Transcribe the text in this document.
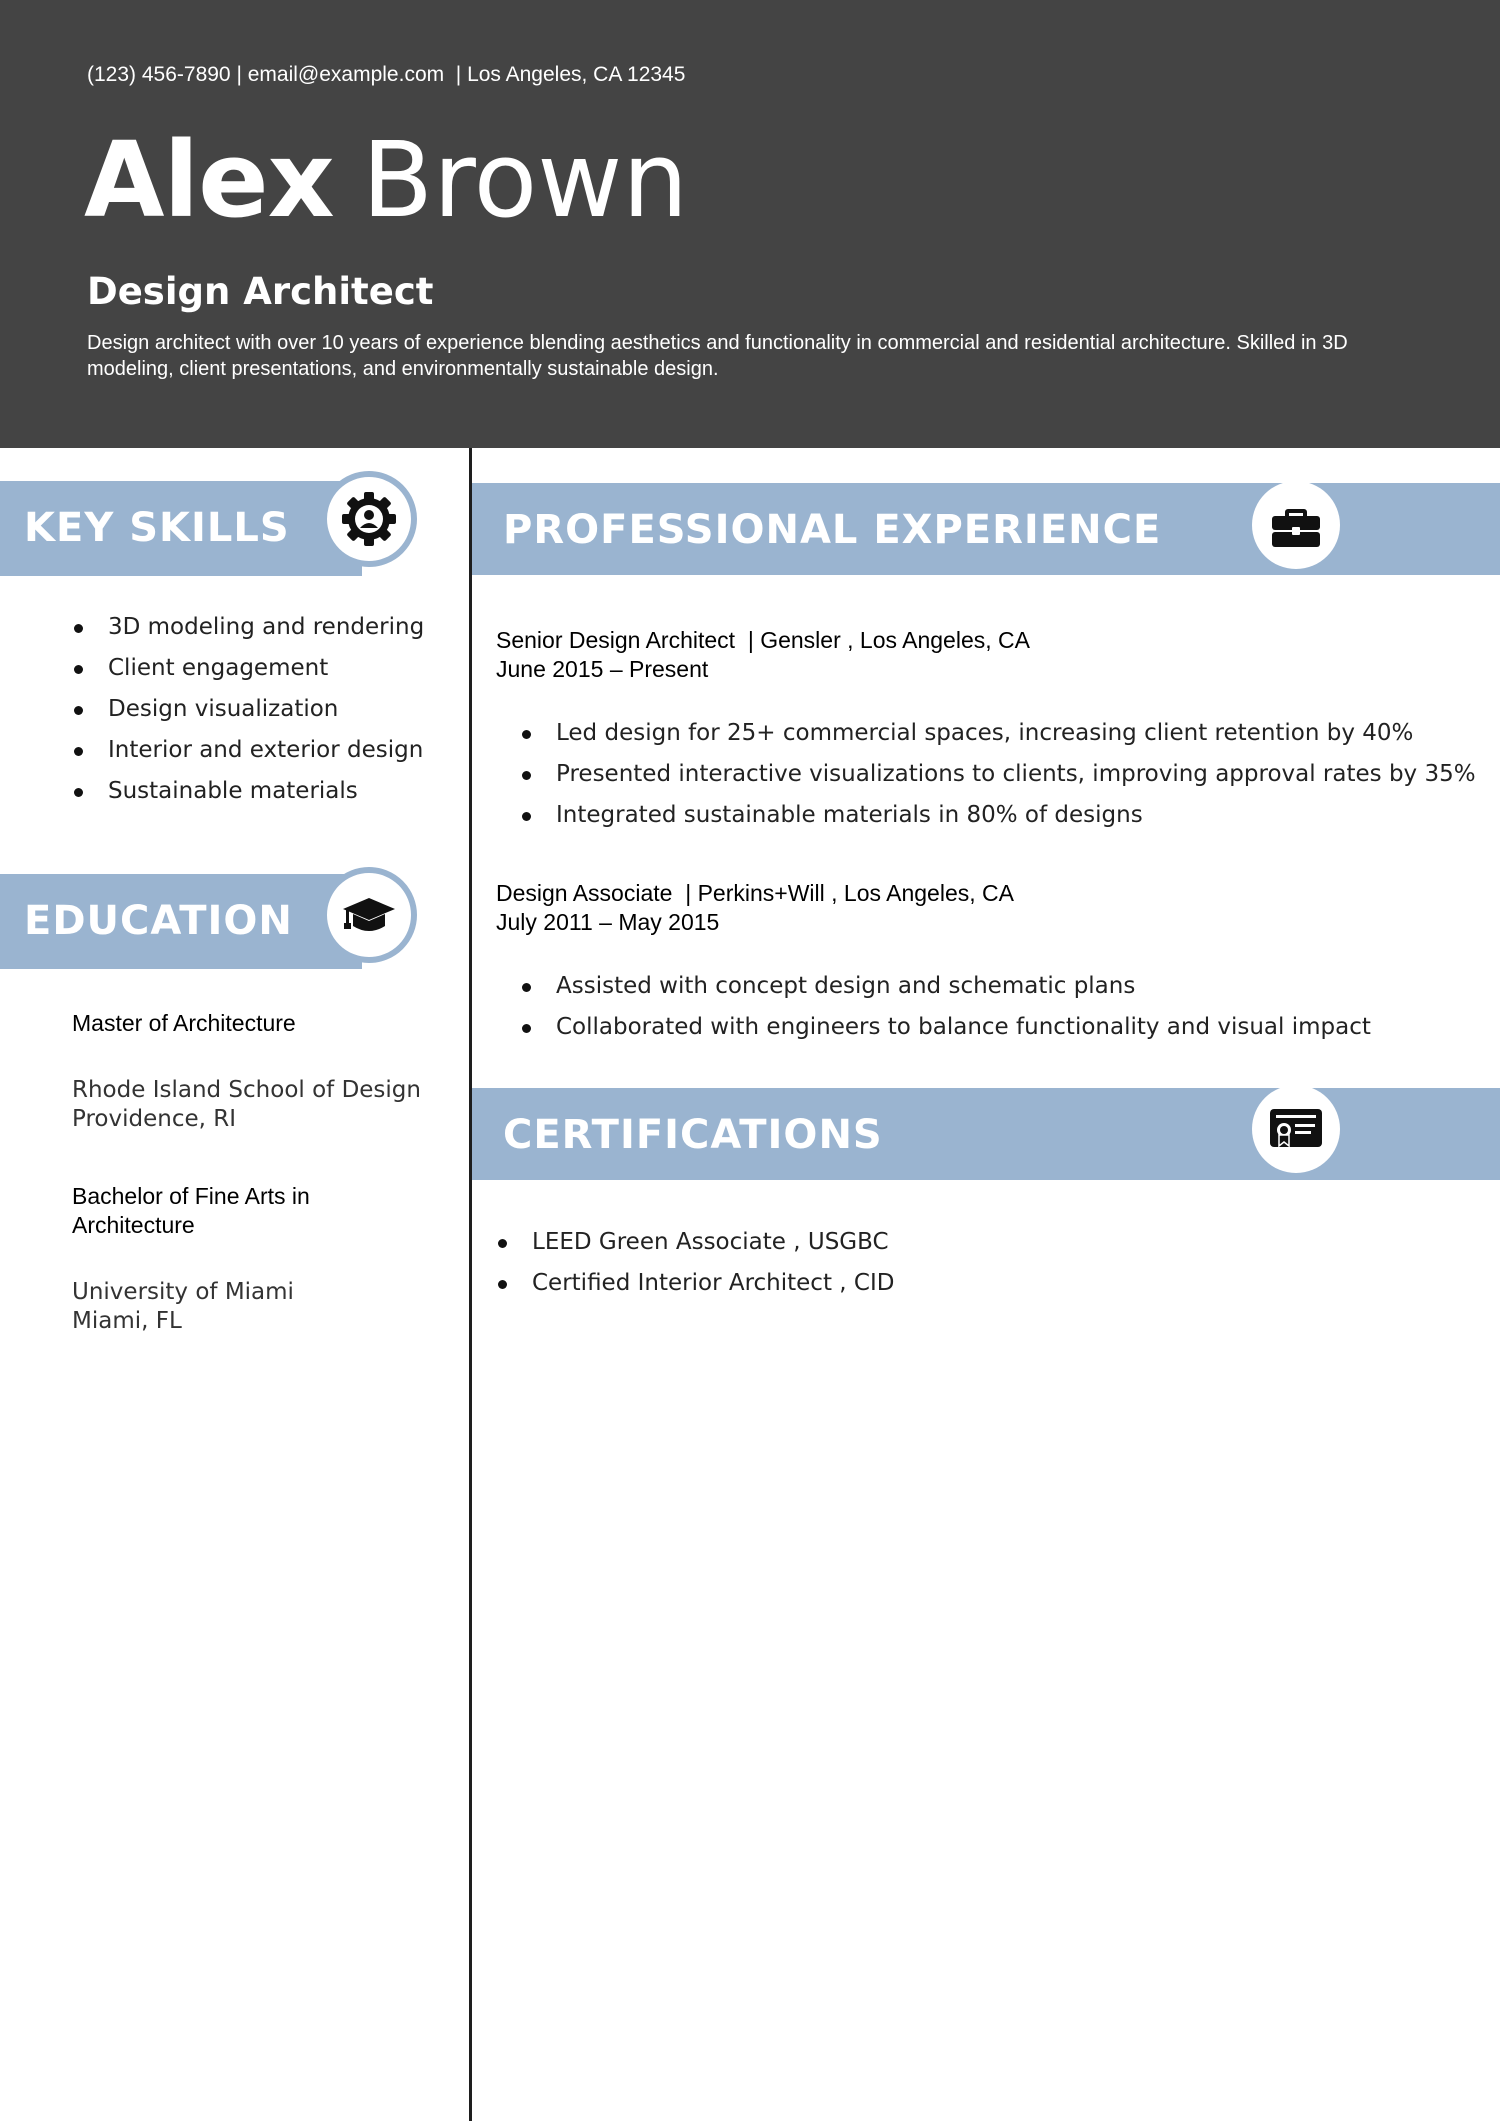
(123) 456-7890 | email@example.com  | Los Angeles, CA 12345
Alex Brown
Design Architect
Design architect with over 10 years of experience blending aesthetics and functionality in commercial and residential architecture. Skilled in 3D modeling, client presentations, and environmentally sustainable design.
KEY SKILLS
3D modeling and rendering
Client engagement
Design visualization
Interior and exterior design
Sustainable materials
EDUCATION
Master of Architecture
Rhode Island School of Design
Providence, RI
Bachelor of Fine Arts in Architecture
University of Miami
Miami, FL
PROFESSIONAL EXPERIENCE
Senior Design Architect  | Gensler , Los Angeles, CA
June 2015 – Present
Led design for 25+ commercial spaces, increasing client retention by 40%
Presented interactive visualizations to clients, improving approval rates by 35%
Integrated sustainable materials in 80% of designs
Design Associate  | Perkins+Will , Los Angeles, CA
July 2011 – May 2015
Assisted with concept design and schematic plans
Collaborated with engineers to balance functionality and visual impact
CERTIFICATIONS
LEED Green Associate , USGBC
Certified Interior Architect , CID
